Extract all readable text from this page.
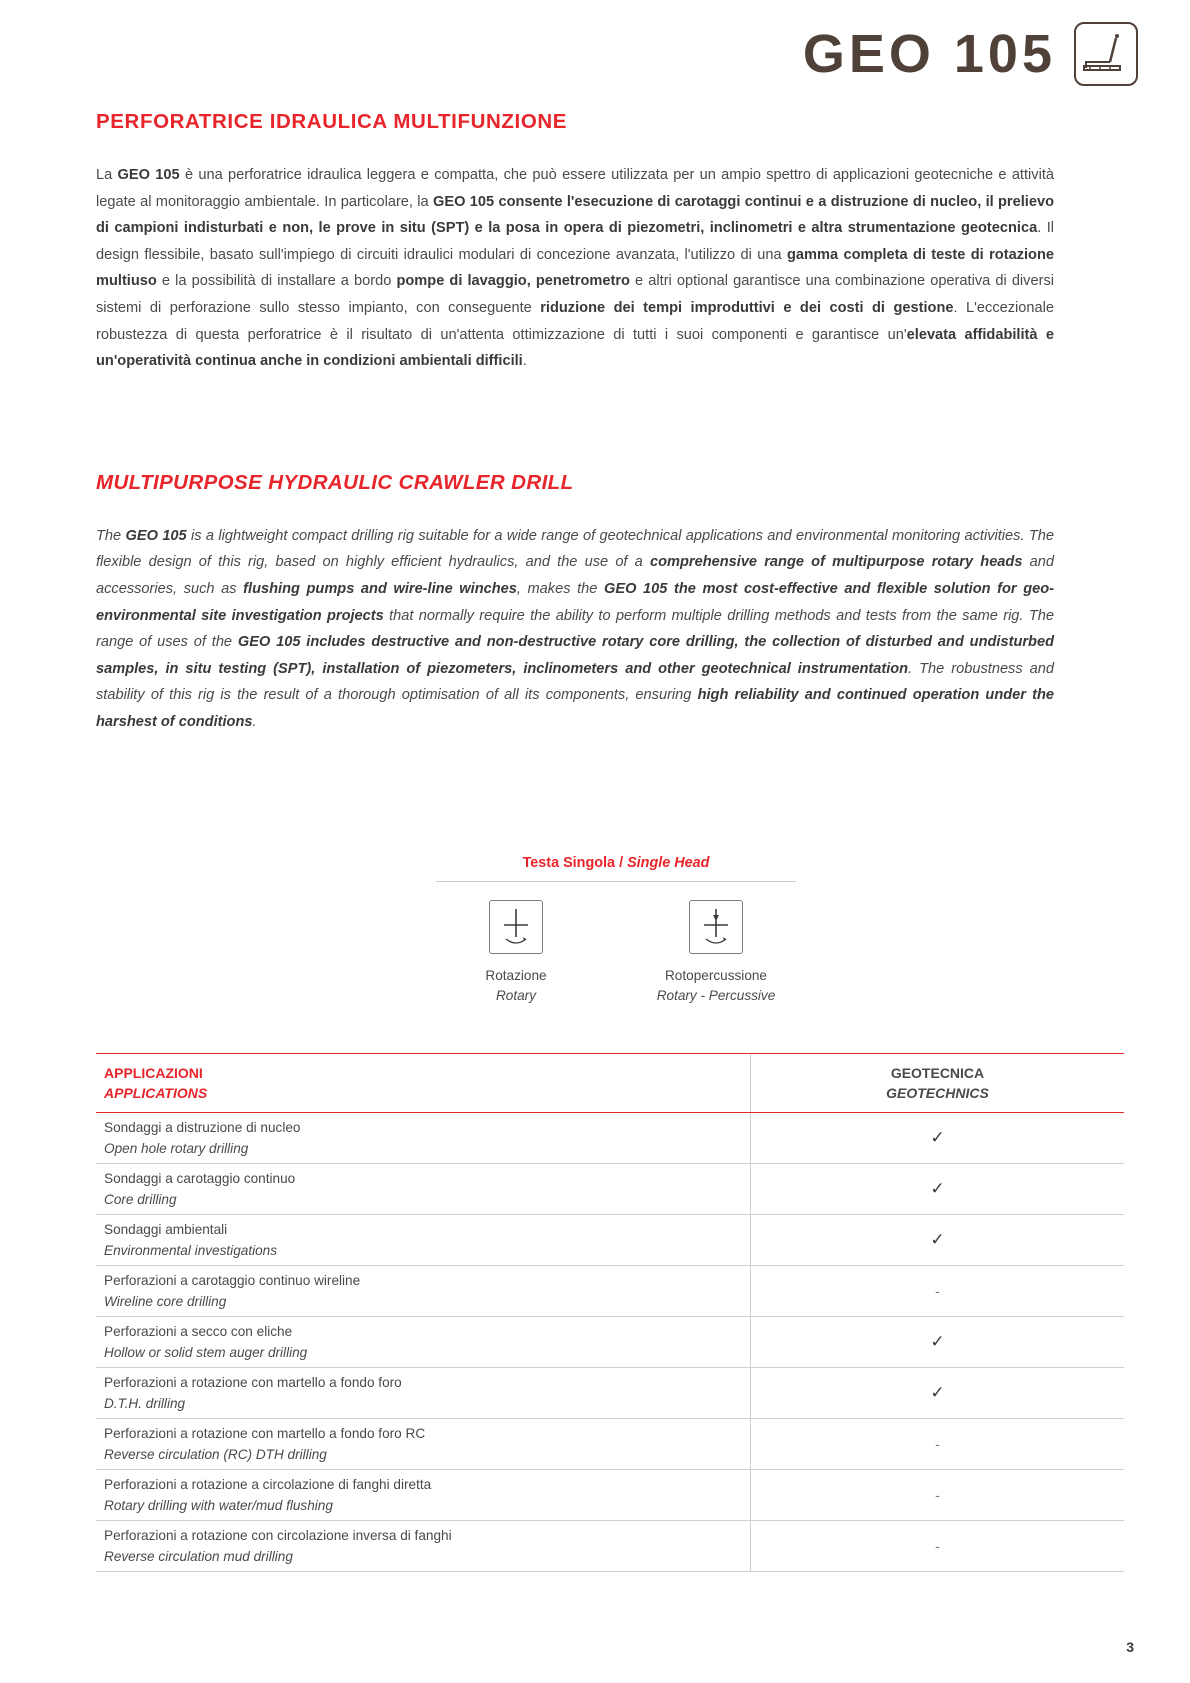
GEO 105
PERFORATRICE IDRAULICA MULTIFUNZIONE

La GEO 105 è una perforatrice idraulica leggera e compatta, che può essere utilizzata per un ampio spettro di applicazioni geotecniche e attività legate al monitoraggio ambientale. In particolare, la GEO 105 consente l'esecuzione di carotaggi continui e a distruzione di nucleo, il prelievo di campioni indisturbati e non, le prove in situ (SPT) e la posa in opera di piezometri, inclinometri e altra strumentazione geotecnica. Il design flessibile, basato sull'impiego di circuiti idraulici modulari di concezione avanzata, l'utilizzo di una gamma completa di teste di rotazione multiuso e la possibilità di installare a bordo pompe di lavaggio, penetrometro e altri optional garantisce una combinazione operativa di diversi sistemi di perforazione sullo stesso impianto, con conseguente riduzione dei tempi improduttivi e dei costi di gestione. L'eccezionale robustezza di questa perforatrice è il risultato di un'attenta ottimizzazione di tutti i suoi componenti e garantisce un'elevata affidabilità e un'operatività continua anche in condizioni ambientali difficili.

MULTIPURPOSE HYDRAULIC CRAWLER DRILL

The GEO 105 is a lightweight compact drilling rig suitable for a wide range of geotechnical applications and environmental monitoring activities. The flexible design of this rig, based on highly efficient hydraulics, and the use of a comprehensive range of multipurpose rotary heads and accessories, such as flushing pumps and wire-line winches, makes the GEO 105 the most cost-effective and flexible solution for geo-environmental site investigation projects that normally require the ability to perform multiple drilling methods and tests from the same rig. The range of uses of the GEO 105 includes destructive and non-destructive rotary core drilling, the collection of disturbed and undisturbed samples, in situ testing (SPT), installation of piezometers, inclinometers and other geotechnical instrumentation. The robustness and stability of this rig is the result of a thorough optimisation of all its components, ensuring high reliability and continued operation under the harshest of conditions.

Testa Singola / Single Head
Rotazione
Rotary
Rotopercussione
Rotary - Percussive
APPLICAZIONI
APPLICATIONS	GEOTECNICA
GEOTECHNICS

Sondaggi a distruzione di nucleo
Open hole rotary drilling	✓

Sondaggi a carotaggio continuo
Core drilling	✓

Sondaggi ambientali
Environmental investigations	✓

Perforazioni a carotaggio continuo wireline
Wireline core drilling	-

Perforazioni a secco con eliche
Hollow or solid stem auger drilling	✓

Perforazioni a rotazione con martello a fondo foro
D.T.H. drilling	✓

Perforazioni a rotazione con martello a fondo foro RC
Reverse circulation (RC) DTH drilling	-

Perforazioni a rotazione a circolazione di fanghi diretta
Rotary drilling with water/mud flushing	-

Perforazioni a rotazione con circolazione inversa di fanghi
Reverse circulation mud drilling	-
3
